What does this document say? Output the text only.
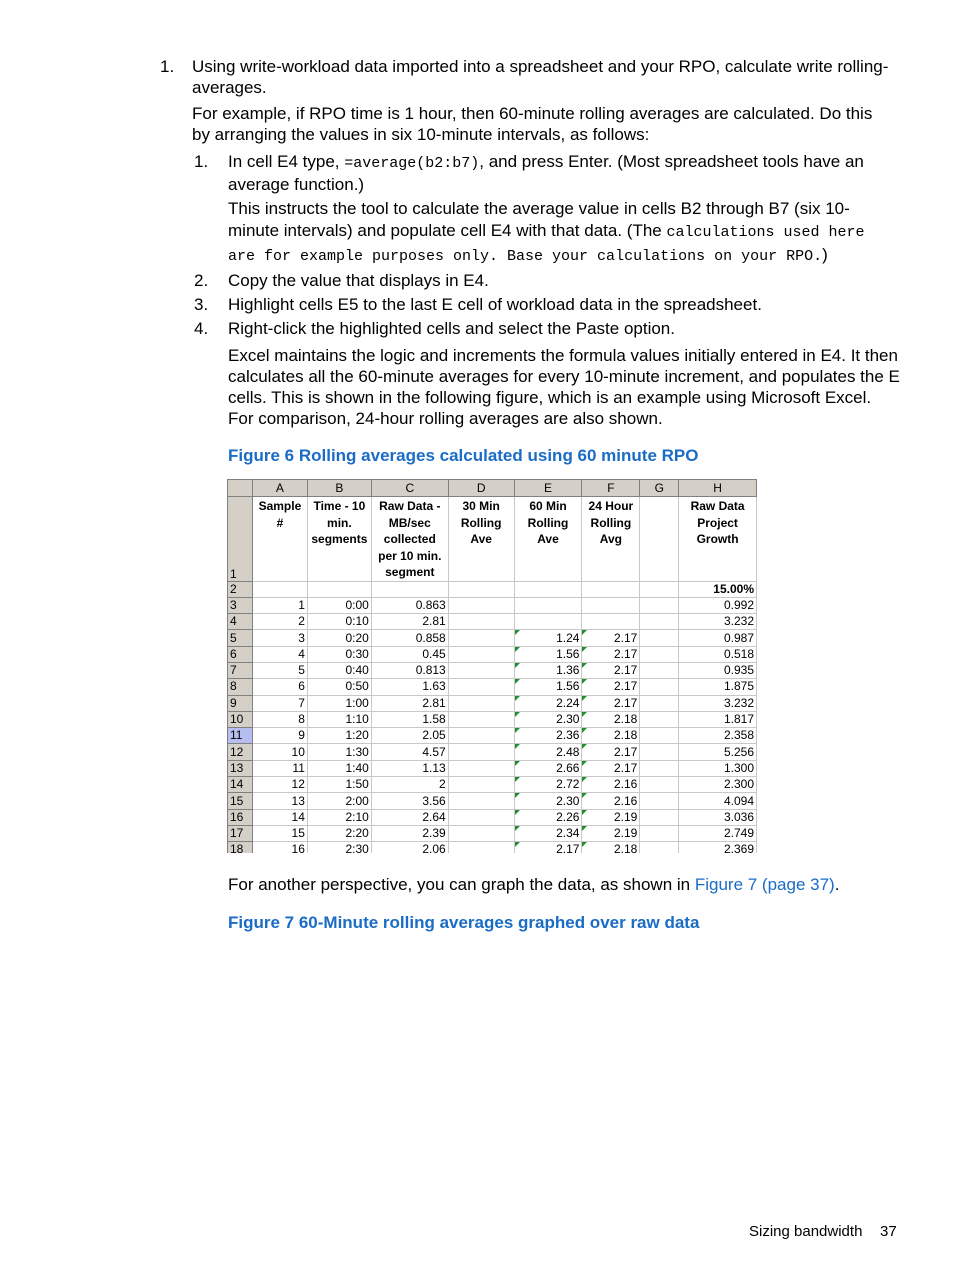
1. Using write-workload data imported into a spreadsheet and your RPO, calculate write rolling-averages.
For example, if RPO time is 1 hour, then 60-minute rolling averages are calculated. Do this by arranging the values in six 10-minute intervals, as follows:
1. In cell E4 type, =average(b2:b7), and press Enter. (Most spreadsheet tools have an average function.)
This instructs the tool to calculate the average value in cells B2 through B7 (six 10-minute intervals) and populate cell E4 with that data. (The calculations used here are for example purposes only. Base your calculations on your RPO.)
2. Copy the value that displays in E4.
3. Highlight cells E5 to the last E cell of workload data in the spreadsheet.
4. Right-click the highlighted cells and select the Paste option.
Excel maintains the logic and increments the formula values initially entered in E4. It then calculates all the 60-minute averages for every 10-minute increment, and populates the E cells. This is shown in the following figure, which is an example using Microsoft Excel. For comparison, 24-hour rolling averages are also shown.
Figure 6 Rolling averages calculated using 60 minute RPO
	A	B	C	D	E	F	G	H
1	Sample #	Time - 10 min. segments	Raw Data - MB/sec collected per 10 min. segment	30 Min Rolling Ave	60 Min Rolling Ave	24 Hour Rolling Avg		Raw Data Project Growth
2								15.00%
3	1	0:00	0.863					0.992
4	2	0:10	2.81					3.232
5	3	0:20	0.858		1.24	2.17		0.987
6	4	0:30	0.45		1.56	2.17		0.518
7	5	0:40	0.813		1.36	2.17		0.935
8	6	0:50	1.63		1.56	2.17		1.875
9	7	1:00	2.81		2.24	2.17		3.232
10	8	1:10	1.58		2.30	2.18		1.817
11	9	1:20	2.05		2.36	2.18		2.358
12	10	1:30	4.57		2.48	2.17		5.256
13	11	1:40	1.13		2.66	2.17		1.300
14	12	1:50	2		2.72	2.16		2.300
15	13	2:00	3.56		2.30	2.16		4.094
16	14	2:10	2.64		2.26	2.19		3.036
17	15	2:20	2.39		2.34	2.19		2.749
18	16	2:30	2.06		2.17	2.18		2.369
For another perspective, you can graph the data, as shown in Figure 7 (page 37).
Figure 7 60-Minute rolling averages graphed over raw data
Sizing bandwidth 37
